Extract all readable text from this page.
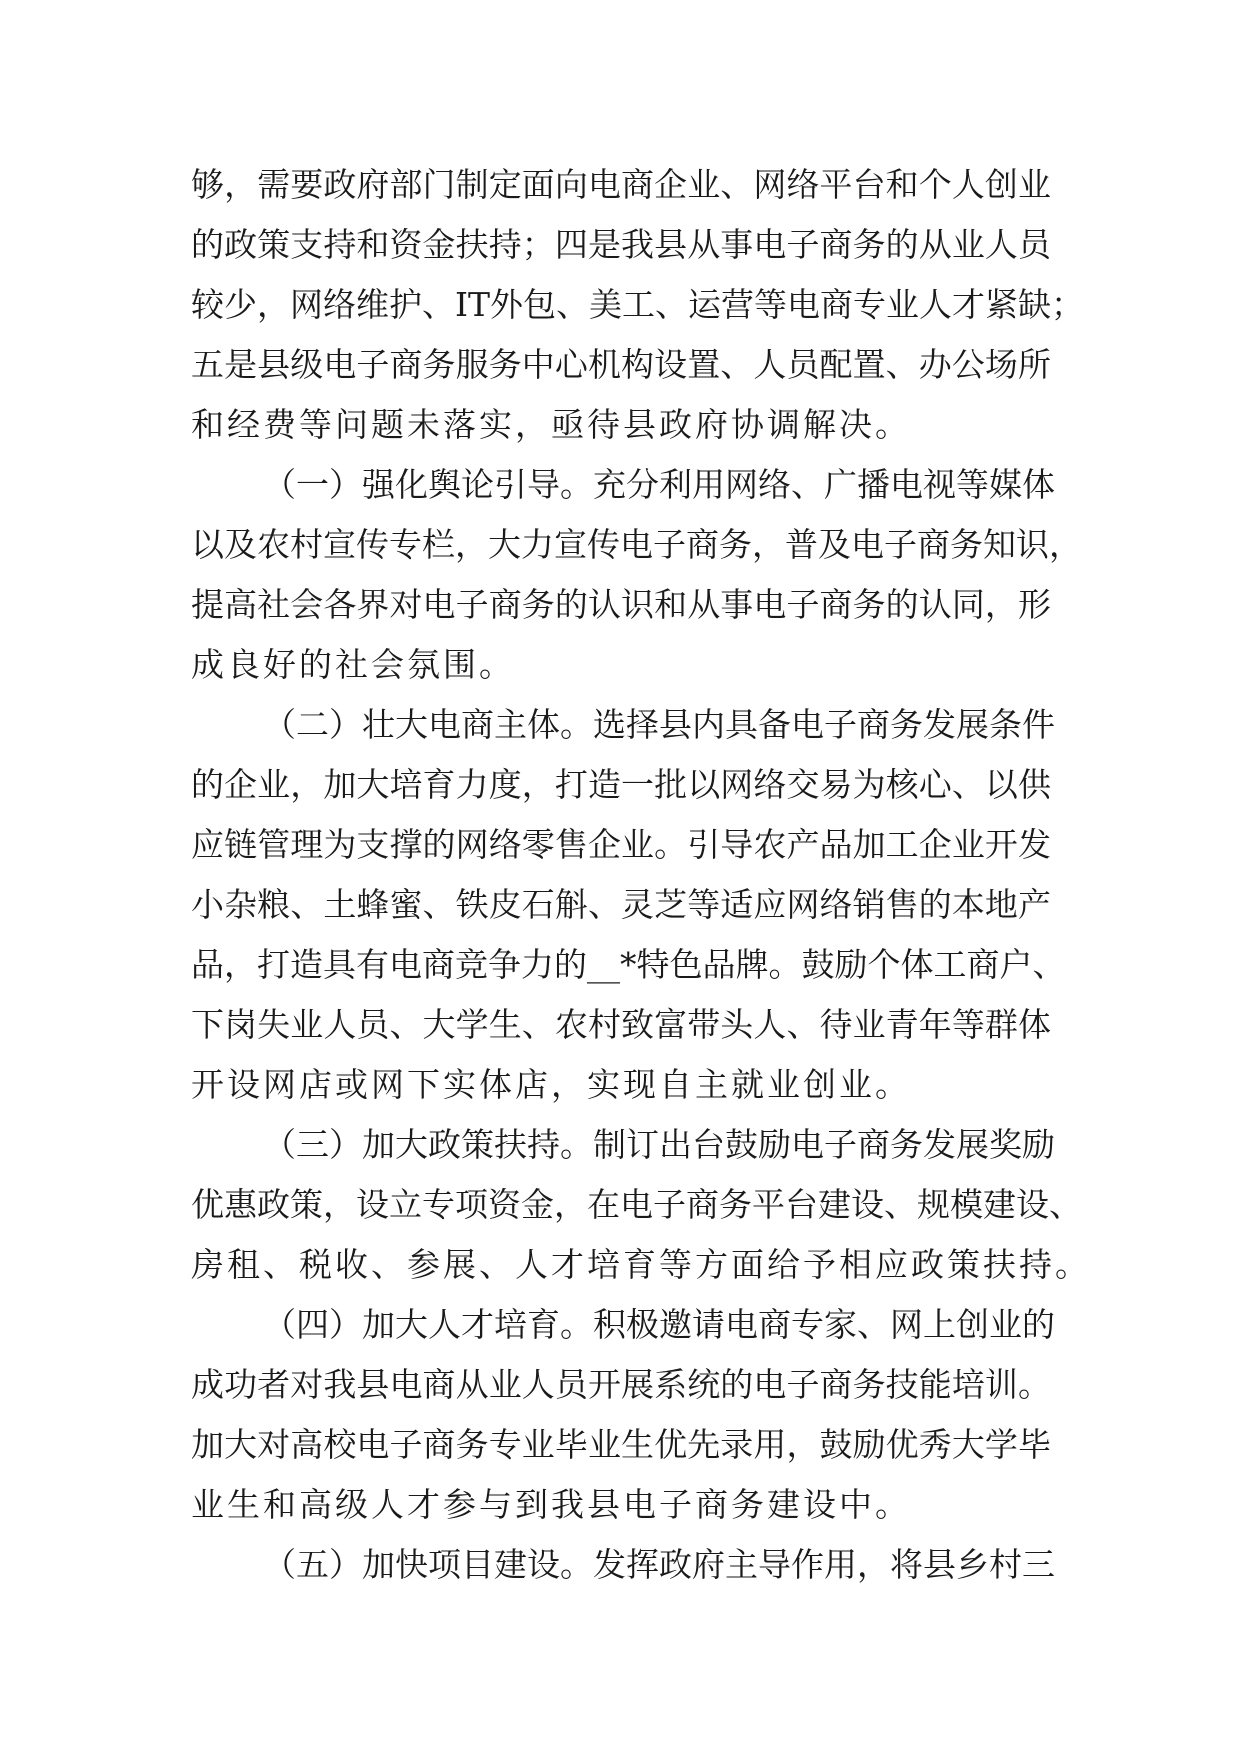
够，需要政府部门制定面向电商企业、网络平台和个人创业
的政策支持和资金扶持；四是我县从事电子商务的从业人员
较少，网络维护、IT外包、美工、运营等电商专业人才紧缺；
五是县级电子商务服务中心机构设置、人员配置、办公场所
和经费等问题未落实，亟待县政府协调解决。
（一）强化舆论引导。充分利用网络、广播电视等媒体
以及农村宣传专栏，大力宣传电子商务，普及电子商务知识，
提高社会各界对电子商务的认识和从事电子商务的认同，形
成良好的社会氛围。
（二）壮大电商主体。选择县内具备电子商务发展条件
的企业，加大培育力度，打造一批以网络交易为核心、以供
应链管理为支撑的网络零售企业。引导农产品加工企业开发
小杂粮、土蜂蜜、铁皮石斛、灵芝等适应网络销售的本地产
品，打造具有电商竞争力的__*特色品牌。鼓励个体工商户、
下岗失业人员、大学生、农村致富带头人、待业青年等群体
开设网店或网下实体店，实现自主就业创业。
（三）加大政策扶持。制订出台鼓励电子商务发展奖励
优惠政策，设立专项资金，在电子商务平台建设、规模建设、
房租、税收、参展、人才培育等方面给予相应政策扶持。
（四）加大人才培育。积极邀请电商专家、网上创业的
成功者对我县电商从业人员开展系统的电子商务技能培训。
加大对高校电子商务专业毕业生优先录用，鼓励优秀大学毕
业生和高级人才参与到我县电子商务建设中。
（五）加快项目建设。发挥政府主导作用，将县乡村三
